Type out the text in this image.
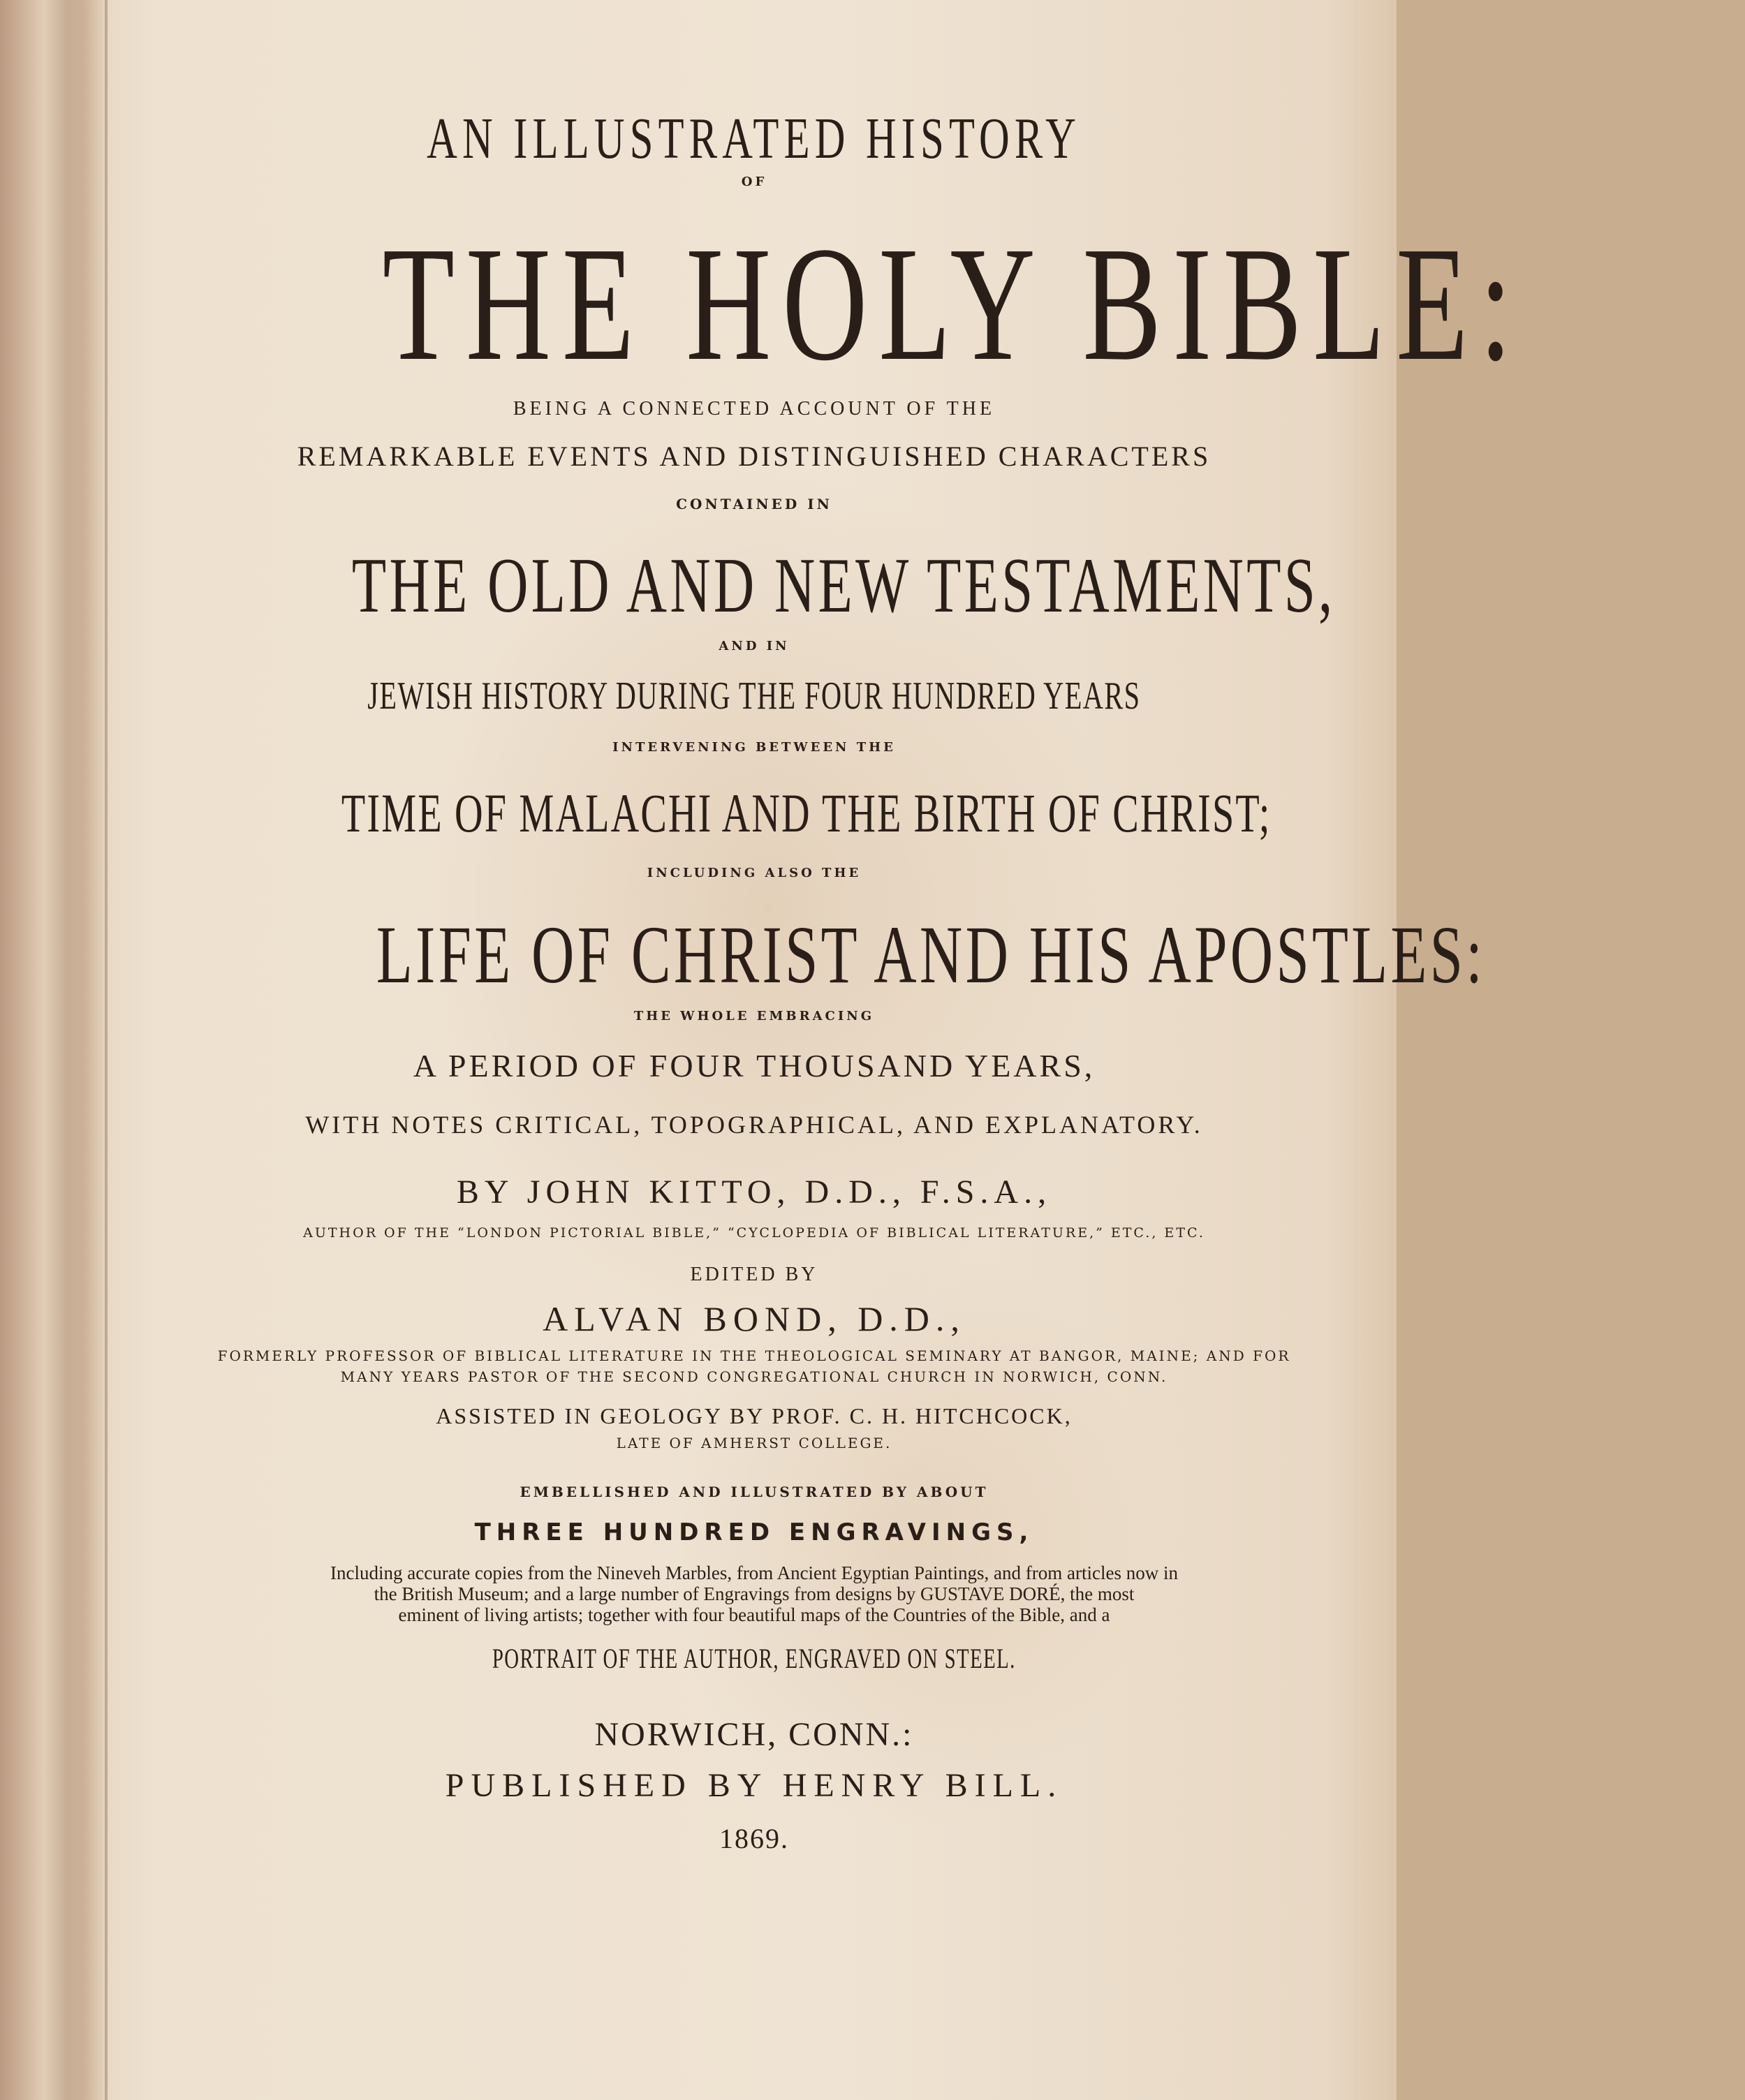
AN ILLUSTRATED HISTORY

OF

THE HOLY BIBLE:

BEING A CONNECTED ACCOUNT OF THE

REMARKABLE EVENTS AND DISTINGUISHED CHARACTERS

CONTAINED IN

THE OLD AND NEW TESTAMENTS,

AND IN

JEWISH HISTORY DURING THE FOUR HUNDRED YEARS

INTERVENING BETWEEN THE

TIME OF MALACHI AND THE BIRTH OF CHRIST;

INCLUDING ALSO THE

LIFE OF CHRIST AND HIS APOSTLES:

THE WHOLE EMBRACING

A PERIOD OF FOUR THOUSAND YEARS,

WITH NOTES CRITICAL, TOPOGRAPHICAL, AND EXPLANATORY.

BY JOHN KITTO, D.D., F.S.A.,

AUTHOR OF THE “LONDON PICTORIAL BIBLE,” “CYCLOPEDIA OF BIBLICAL LITERATURE,” ETC., ETC.

EDITED BY

ALVAN BOND, D.D.,

FORMERLY PROFESSOR OF BIBLICAL LITERATURE IN THE THEOLOGICAL SEMINARY AT BANGOR, MAINE; AND FOR

MANY YEARS PASTOR OF THE SECOND CONGREGATIONAL CHURCH IN NORWICH, CONN.

ASSISTED IN GEOLOGY BY PROF. C. H. HITCHCOCK,

LATE OF AMHERST COLLEGE.

EMBELLISHED AND ILLUSTRATED BY ABOUT

THREE HUNDRED ENGRAVINGS,

Including accurate copies from the Nineveh Marbles, from Ancient Egyptian Paintings, and from articles now in

the British Museum; and a large number of Engravings from designs by GUSTAVE DORÉ, the most

eminent of living artists; together with four beautiful maps of the Countries of the Bible, and a

PORTRAIT OF THE AUTHOR, ENGRAVED ON STEEL.

NORWICH, CONN.:

PUBLISHED BY HENRY BILL.

1869.
